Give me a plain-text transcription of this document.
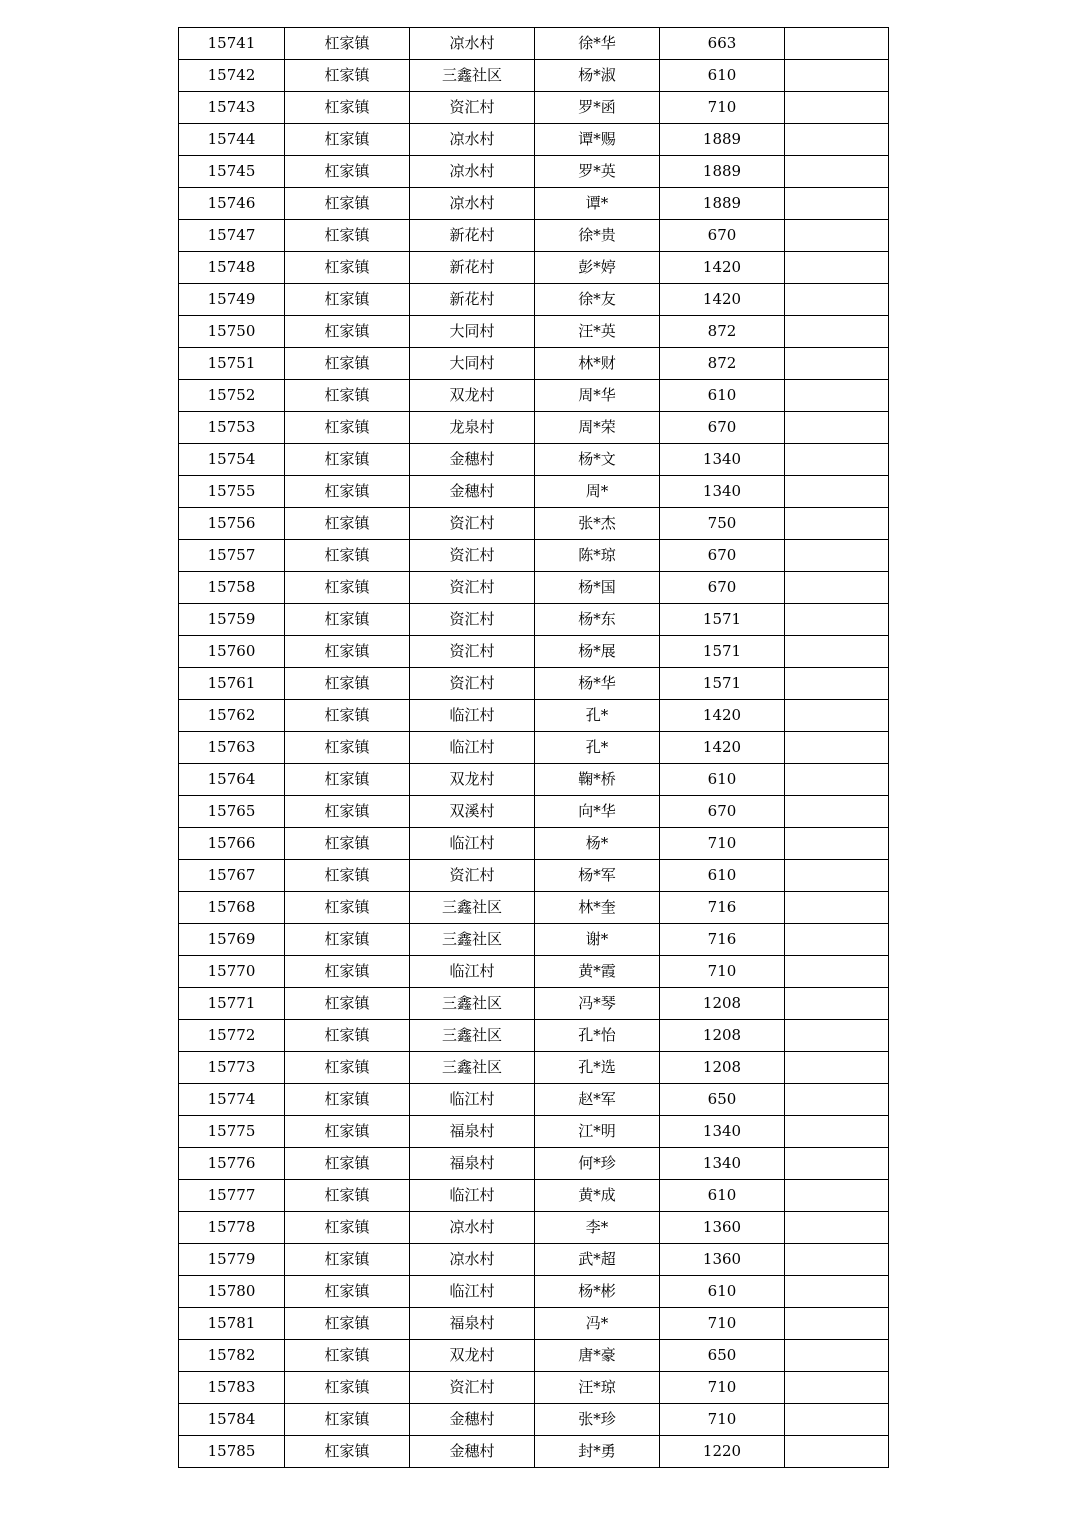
15741	杠家镇	凉水村	徐*华	663	
15742	杠家镇	三鑫社区	杨*淑	610	
15743	杠家镇	资汇村	罗*函	710	
15744	杠家镇	凉水村	谭*赐	1889	
15745	杠家镇	凉水村	罗*英	1889	
15746	杠家镇	凉水村	谭*	1889	
15747	杠家镇	新花村	徐*贵	670	
15748	杠家镇	新花村	彭*婷	1420	
15749	杠家镇	新花村	徐*友	1420	
15750	杠家镇	大同村	汪*英	872	
15751	杠家镇	大同村	林*财	872	
15752	杠家镇	双龙村	周*华	610	
15753	杠家镇	龙泉村	周*荣	670	
15754	杠家镇	金穗村	杨*文	1340	
15755	杠家镇	金穗村	周*	1340	
15756	杠家镇	资汇村	张*杰	750	
15757	杠家镇	资汇村	陈*琼	670	
15758	杠家镇	资汇村	杨*国	670	
15759	杠家镇	资汇村	杨*东	1571	
15760	杠家镇	资汇村	杨*展	1571	
15761	杠家镇	资汇村	杨*华	1571	
15762	杠家镇	临江村	孔*	1420	
15763	杠家镇	临江村	孔*	1420	
15764	杠家镇	双龙村	鞠*桥	610	
15765	杠家镇	双溪村	向*华	670	
15766	杠家镇	临江村	杨*	710	
15767	杠家镇	资汇村	杨*军	610	
15768	杠家镇	三鑫社区	林*奎	716	
15769	杠家镇	三鑫社区	谢*	716	
15770	杠家镇	临江村	黄*霞	710	
15771	杠家镇	三鑫社区	冯*琴	1208	
15772	杠家镇	三鑫社区	孔*怡	1208	
15773	杠家镇	三鑫社区	孔*选	1208	
15774	杠家镇	临江村	赵*军	650	
15775	杠家镇	福泉村	江*明	1340	
15776	杠家镇	福泉村	何*珍	1340	
15777	杠家镇	临江村	黄*成	610	
15778	杠家镇	凉水村	李*	1360	
15779	杠家镇	凉水村	武*超	1360	
15780	杠家镇	临江村	杨*彬	610	
15781	杠家镇	福泉村	冯*	710	
15782	杠家镇	双龙村	唐*豪	650	
15783	杠家镇	资汇村	汪*琼	710	
15784	杠家镇	金穗村	张*珍	710	
15785	杠家镇	金穗村	封*勇	1220	
